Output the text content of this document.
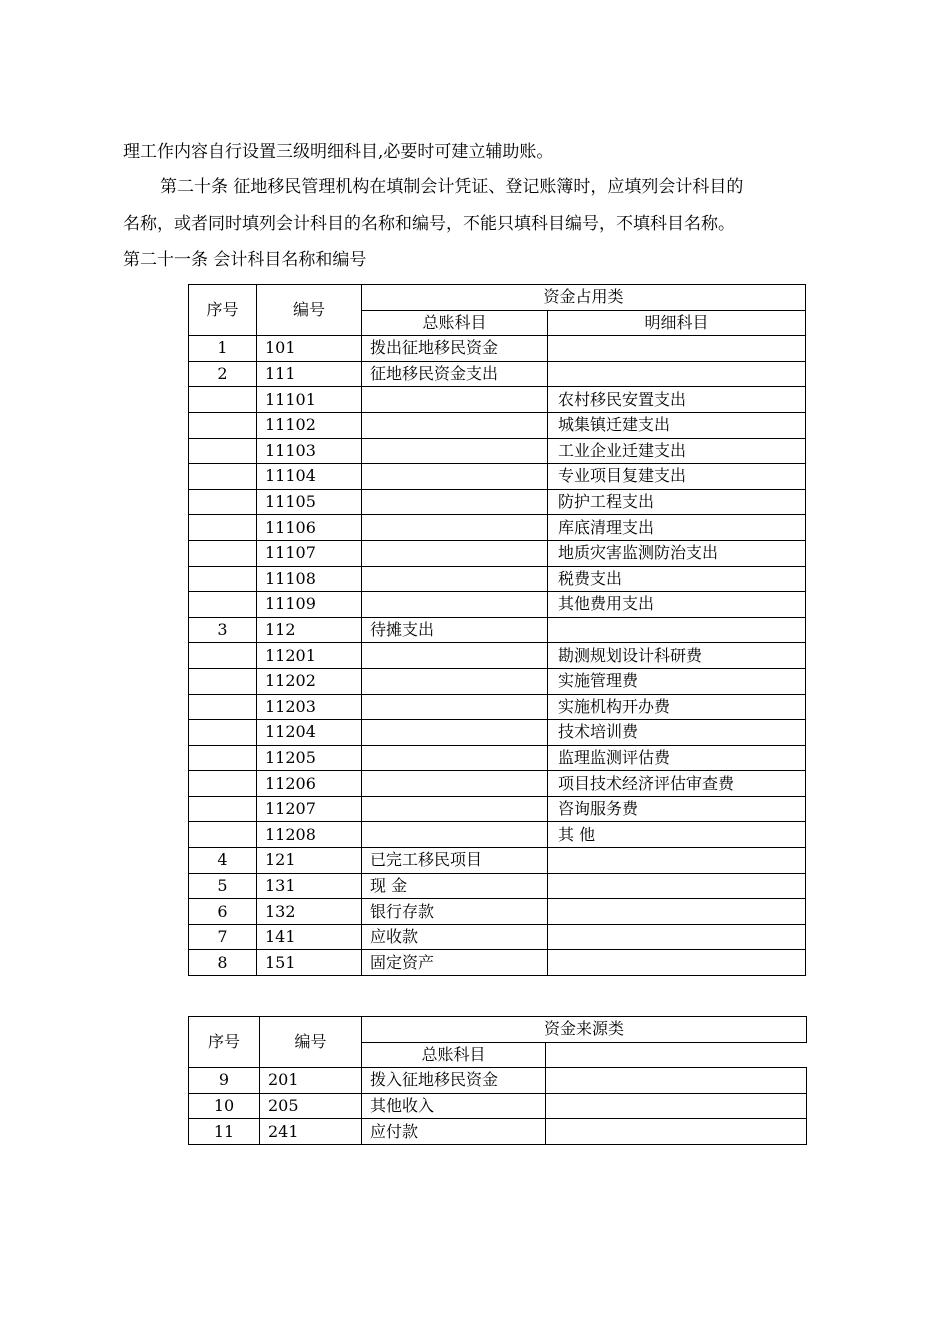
理工作内容自行设置三级明细科目,必要时可建立辅助账。

第二十条 征地移民管理机构在填制会计凭证、登记账簿时，应填列会计科目的

名称，或者同时填列会计科目的名称和编号，不能只填科目编号，不填科目名称。

第二十一条 会计科目名称和编号

序号	编号	资金占用类	
		总账科目	明细科目
1	101	拨出征地移民资金	
2	111	征地移民资金支出	
	11101		农村移民安置支出
	11102		城集镇迁建支出
	11103		工业企业迁建支出
	11104		专业项目复建支出
	11105		防护工程支出
	11106		库底清理支出
	11107		地质灾害监测防治支出
	11108		税费支出
	11109		其他费用支出
3	112	待摊支出	
	11201		勘测规划设计科研费
	11202		实施管理费
	11203		实施机构开办费
	11204		技术培训费
	11205		监理监测评估费
	11206		项目技术经济评估审查费
	11207		咨询服务费
	11208		其 他
4	121	已完工移民项目	
5	131	现 金	
6	132	银行存款	
7	141	应收款	
8	151	固定资产	
序号	编号	资金来源类	
		总账科目	
9	201	拨入征地移民资金	
10	205	其他收入	
11	241	应付款	
